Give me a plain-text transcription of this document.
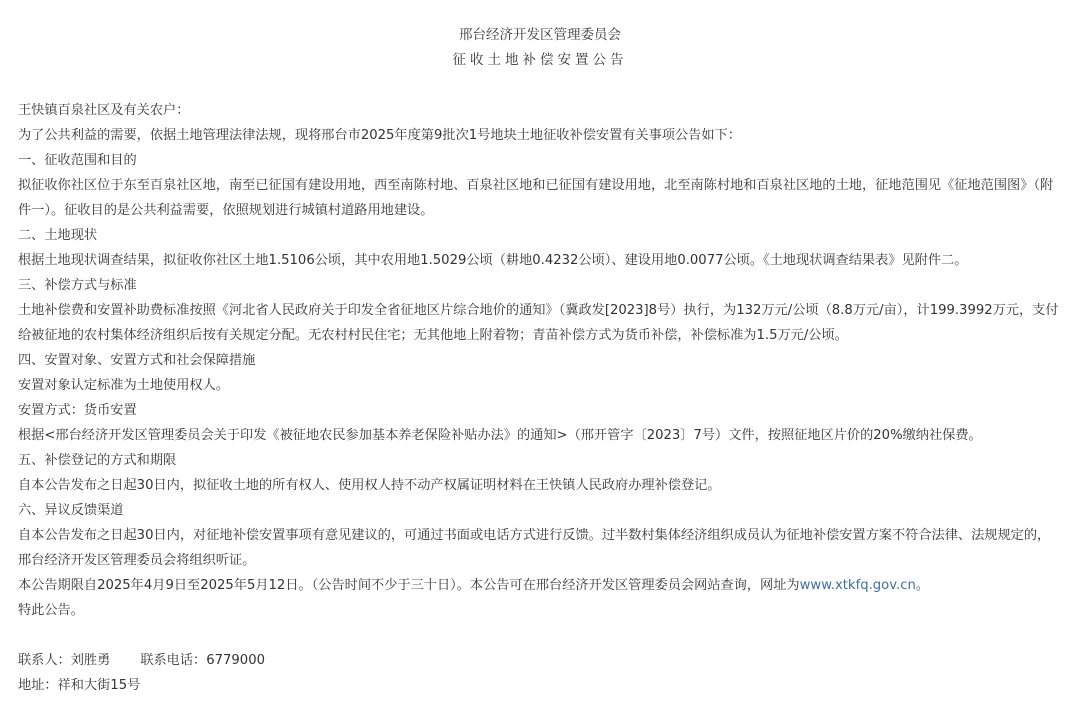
邢台经济开发区管理委员会
征收土地补偿安置公告

王快镇百泉社区及有关农户：

为了公共利益的需要，依据土地管理法律法规，现将邢台市2025年度第9批次1号地块土地征收补偿安置有关事项公告如下：

一、征收范围和目的

拟征收你社区位于东至百泉社区地，南至已征国有建设用地，西至南陈村地、百泉社区地和已征国有建设用地，北至南陈村地和百泉社区地的土地，征地范围见《征地范围图》（附件一）。征收目的是公共利益需要，依照规划进行城镇村道路用地建设。

二、土地现状

根据土地现状调查结果，拟征收你社区土地1.5106公顷，其中农用地1.5029公顷（耕地0.4232公顷）、建设用地0.0077公顷。《土地现状调查结果表》见附件二。

三、补偿方式与标准

土地补偿费和安置补助费标准按照《河北省人民政府关于印发全省征地区片综合地价的通知》（冀政发[2023]8号）执行，为132万元/公顷（8.8万元/亩），计199.3992万元，支付给被征地的农村集体经济组织后按有关规定分配。无农村村民住宅；无其他地上附着物；青苗补偿方式为货币补偿，补偿标准为1.5万元/公顷。

四、安置对象、安置方式和社会保障措施

安置对象认定标准为土地使用权人。

安置方式：货币安置

根据<邢台经济开发区管理委员会关于印发《被征地农民参加基本养老保险补贴办法》的通知>（邢开管字〔2023〕7号）文件，按照征地区片价的20%缴纳社保费。

五、补偿登记的方式和期限

自本公告发布之日起30日内，拟征收土地的所有权人、使用权人持不动产权属证明材料在王快镇人民政府办理补偿登记。

六、异议反馈渠道

自本公告发布之日起30日内，对征地补偿安置事项有意见建议的，可通过书面或电话方式进行反馈。过半数村集体经济组织成员认为征地补偿安置方案不符合法律、法规规定的，邢台经济开发区管理委员会将组织听证。

本公告期限自2025年4月9日至2025年5月12日。（公告时间不少于三十日）。本公告可在邢台经济开发区管理委员会网站查询，网址为www.xtkfq.gov.cn。

特此公告。

联系人：刘胜勇 联系电话：6779000

地址：祥和大街15号
